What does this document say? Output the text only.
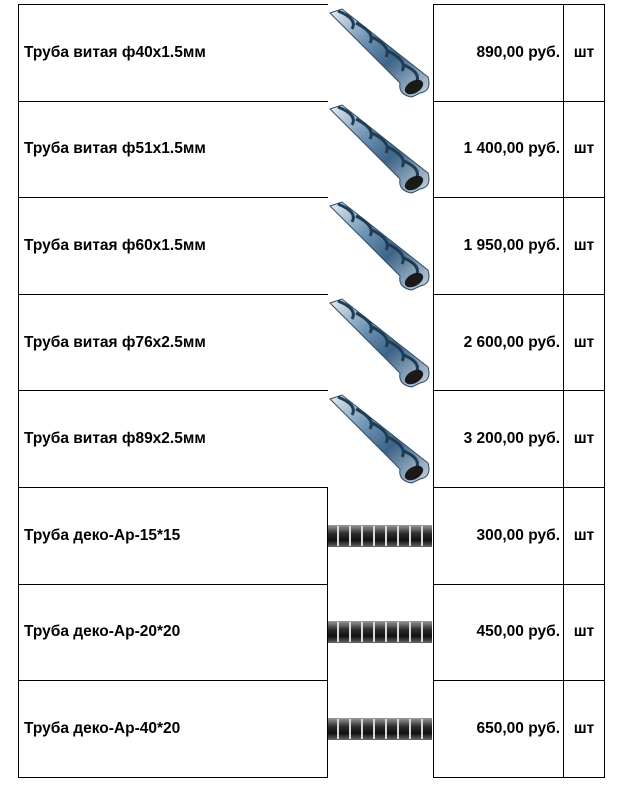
Труба витая ф40х1.5мм	890,00 руб. шт
Труба витая ф51х1.5мм	1 400,00 руб. шт
Труба витая ф60х1.5мм	1 950,00 руб. шт
Труба витая ф76х2.5мм	2 600,00 руб. шт
Труба витая ф89х2.5мм	3 200,00 руб. шт
Труба деко-Ар-15*15	300,00 руб. шт
Труба деко-Ар-20*20	450,00 руб. шт
Труба деко-Ар-40*20	650,00 руб. шт
